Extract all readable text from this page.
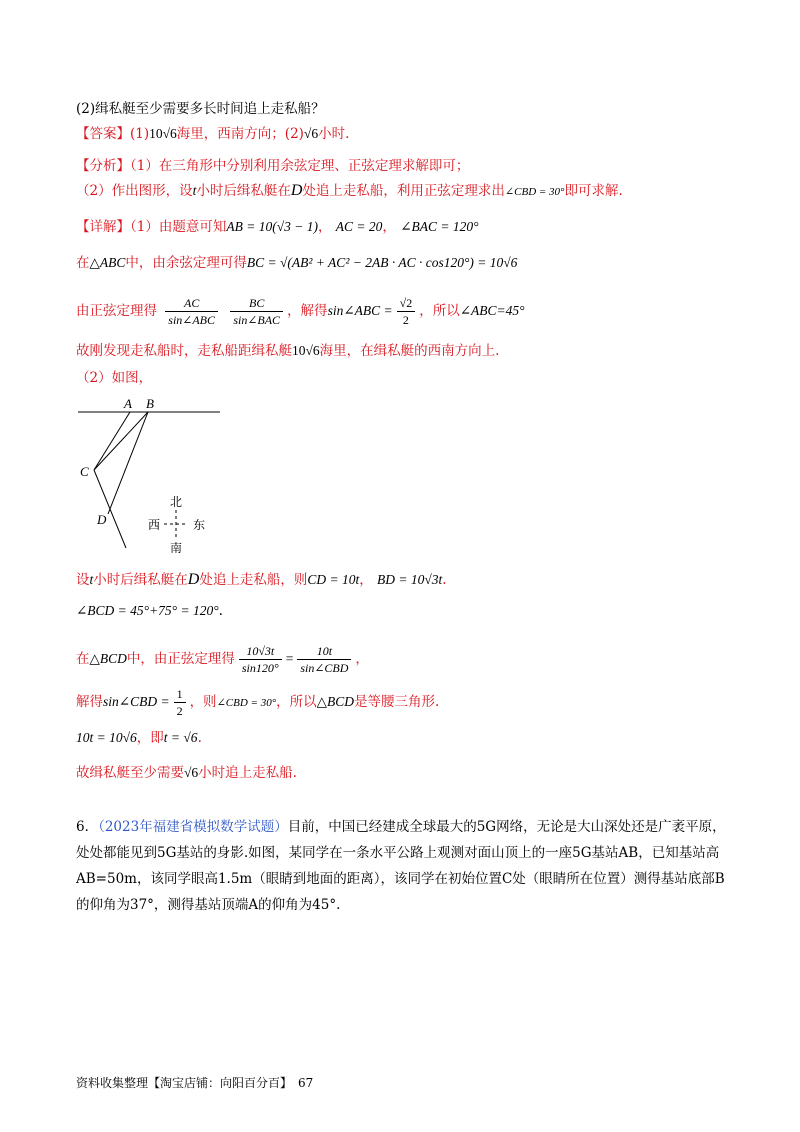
(2)缉私艇至少需要多长时间追上走私船？
【答案】(1)10√6海里，西南方向；(2)√6小时.
【分析】（1）在三角形中分别利用余弦定理、正弦定理求解即可；
（2）作出图形，设t小时后缉私艇在D处追上走私船，利用正弦定理求出∠CBD = 30°即可求解.
【详解】（1）由题意可知AB = 10(√3 − 1)， AC = 20， ∠BAC = 120°
在△ABC中，由余弦定理可得BC = √(AB² + AC² − 2AB · AC · cos120°) = 10√6
由正弦定理得 $\frac{AC}{\text{sin∠ABC}}$
$\frac{BC}{\text{sin∠BAC}}$ ，解得sin∠ABC = $\frac{√2}{2}$ ，所以∠ABC=45°
故刚发现走私船时，走私船距缉私艇10√6海里，在缉私艇的西南方向上.
（2）如图，
A B
C
D
北
南
西	东
设t小时后缉私艇在D处追上走私船，则CD = 10t， BD = 10√3t.
∠BCD = 45°+75° = 120°.
在△BCD中，由正弦定理得 $\frac{10√3t}{\sin 120^\circ} = \frac{10t}{\text{sin∠CBD}}$ ，
解得sin∠CBD = $\frac{1}{2}$ ，则∠CBD = 30°，所以△BCD是等腰三角形.
10t = 10√6，即t = √6.
故缉私艇至少需要√6小时追上走私船.
6．（2023年福建省模拟数学试题）目前，中国已经建成全球最大的5G网络，无论是大山深处还是广袤平原，处处都能见到5G基站的身影.如图，某同学在一条水平公路上观测对面山顶上的一座5G基站AB，已知基站高AB=50m，该同学眼高1.5m（眼睛到地面的距离），该同学在初始位置C处（眼睛所在位置）测得基站底部B的仰角为37°，测得基站顶端A的仰角为45°.
资料收集整理【淘宝店铺：向阳百分百】　67
